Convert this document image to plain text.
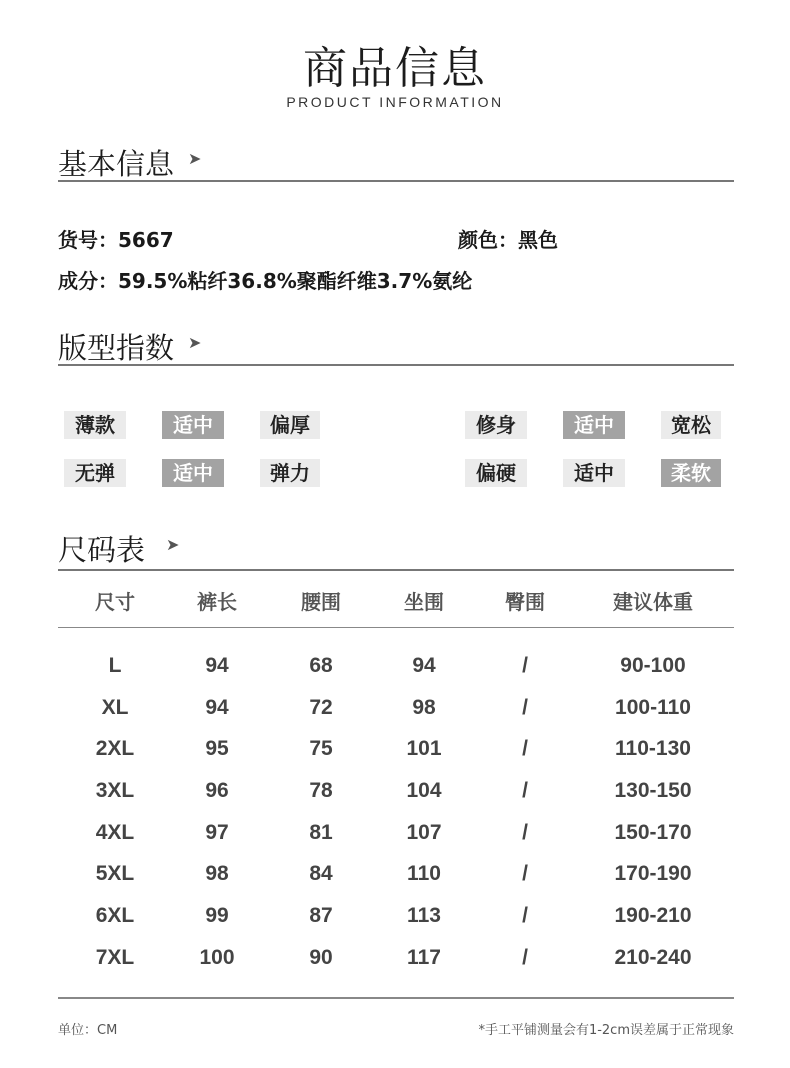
商品信息
PRODUCT INFORMATION
基本信息 ➤
货号：5667	颜色：黑色
成分：59.5%粘纤36.8%聚酯纤维3.7%氨纶
版型指数 ➤
薄款	适中	偏厚	修身	适中	宽松
无弹	适中	弹力	偏硬	适中	柔软
尺码表 ➤
尺寸	裤长	腰围	坐围	臀围	建议体重
L	94	68	94	/	90-100
XL	94	72	98	/	100-110
2XL	95	75	101	/	110-130
3XL	96	78	104	/	130-150
4XL	97	81	107	/	150-170
5XL	98	84	110	/	170-190
6XL	99	87	113	/	190-210
7XL	100	90	117	/	210-240
单位：CM	*手工平铺测量会有1-2cm误差属于正常现象
